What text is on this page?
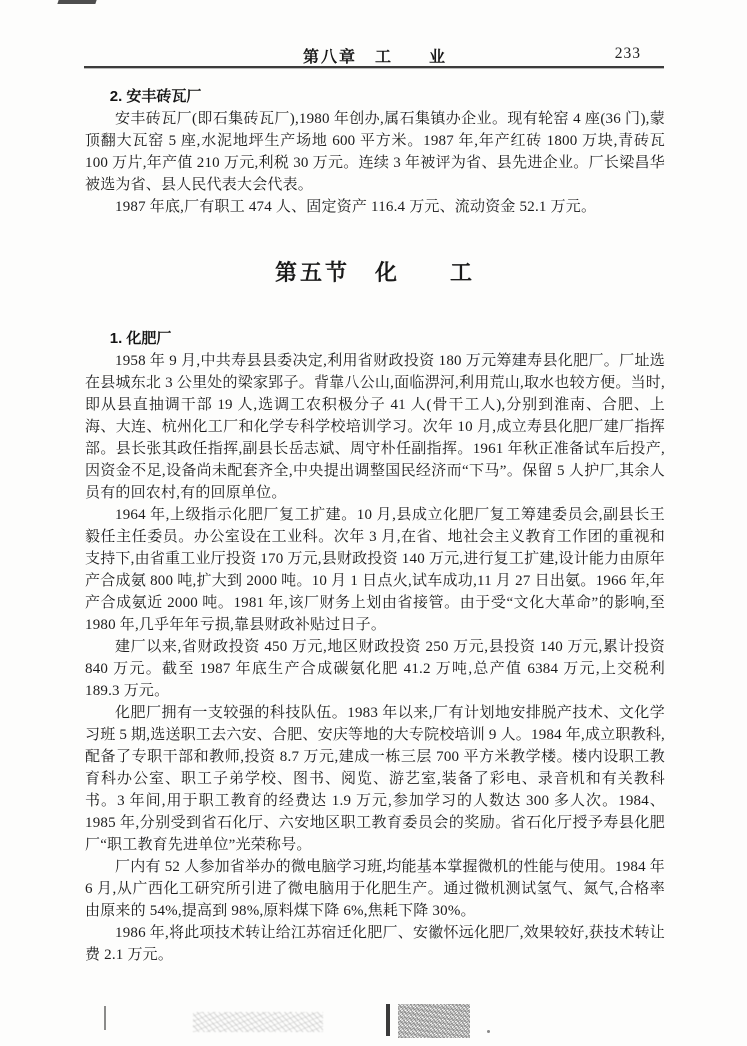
第八章　工　　业	233
2. 安丰砖瓦厂

安丰砖瓦厂(即石集砖瓦厂),1980 年创办,属石集镇办企业。现有轮窑 4 座(36 门),蒙顶翻大瓦窑 5 座,水泥地坪生产场地 600 平方米。1987 年,年产红砖 1800 万块,青砖瓦 100 万片,年产值 210 万元,利税 30 万元。连续 3 年被评为省、县先进企业。厂长梁昌华被选为省、县人民代表大会代表。

1987 年底,厂有职工 474 人、固定资产 116.4 万元、流动资金 52.1 万元。

第五节　化　　工
1. 化肥厂

1958 年 9 月,中共寿县县委决定,利用省财政投资 180 万元筹建寿县化肥厂。厂址选在县城东北 3 公里处的梁家郢子。背靠八公山,面临淠河,利用荒山,取水也较方便。当时,即从县直抽调干部 19 人,选调工农积极分子 41 人(骨干工人),分别到淮南、合肥、上海、大连、杭州化工厂和化学专科学校培训学习。次年 10 月,成立寿县化肥厂建厂指挥部。县长张其政任指挥,副县长岳志斌、周守朴任副指挥。1961 年秋正准备试车后投产,因资金不足,设备尚未配套齐全,中央提出调整国民经济而“下马”。保留 5 人护厂,其余人员有的回农村,有的回原单位。

1964 年,上级指示化肥厂复工扩建。10 月,县成立化肥厂复工筹建委员会,副县长王毅任主任委员。办公室设在工业科。次年 3 月,在省、地社会主义教育工作团的重视和支持下,由省重工业厅投资 170 万元,县财政投资 140 万元,进行复工扩建,设计能力由原年产合成氨 800 吨,扩大到 2000 吨。10 月 1 日点火,试车成功,11 月 27 日出氨。1966 年,年产合成氨近 2000 吨。1981 年,该厂财务上划由省接管。由于受“文化大革命”的影响,至 1980 年,几乎年年亏损,靠县财政补贴过日子。

建厂以来,省财政投资 450 万元,地区财政投资 250 万元,县投资 140 万元,累计投资 840 万元。截至 1987 年底生产合成碳氨化肥 41.2 万吨,总产值 6384 万元,上交税利 189.3 万元。

化肥厂拥有一支较强的科技队伍。1983 年以来,厂有计划地安排脱产技术、文化学习班 5 期,选送职工去六安、合肥、安庆等地的大专院校培训 9 人。1984 年,成立职教科,配备了专职干部和教师,投资 8.7 万元,建成一栋三层 700 平方米教学楼。楼内设职工教育科办公室、职工子弟学校、图书、阅览、游艺室,装备了彩电、录音机和有关教科书。3 年间,用于职工教育的经费达 1.9 万元,参加学习的人数达 300 多人次。1984、1985 年,分别受到省石化厅、六安地区职工教育委员会的奖励。省石化厅授予寿县化肥厂“职工教育先进单位”光荣称号。

厂内有 52 人参加省举办的微电脑学习班,均能基本掌握微机的性能与使用。1984 年 6 月,从广西化工研究所引进了微电脑用于化肥生产。通过微机测试氢气、氮气,合格率由原来的 54%,提高到 98%,原料煤下降 6%,焦耗下降 30%。

1986 年,将此项技术转让给江苏宿迁化肥厂、安徽怀远化肥厂,效果较好,获技术转让费 2.1 万元。
